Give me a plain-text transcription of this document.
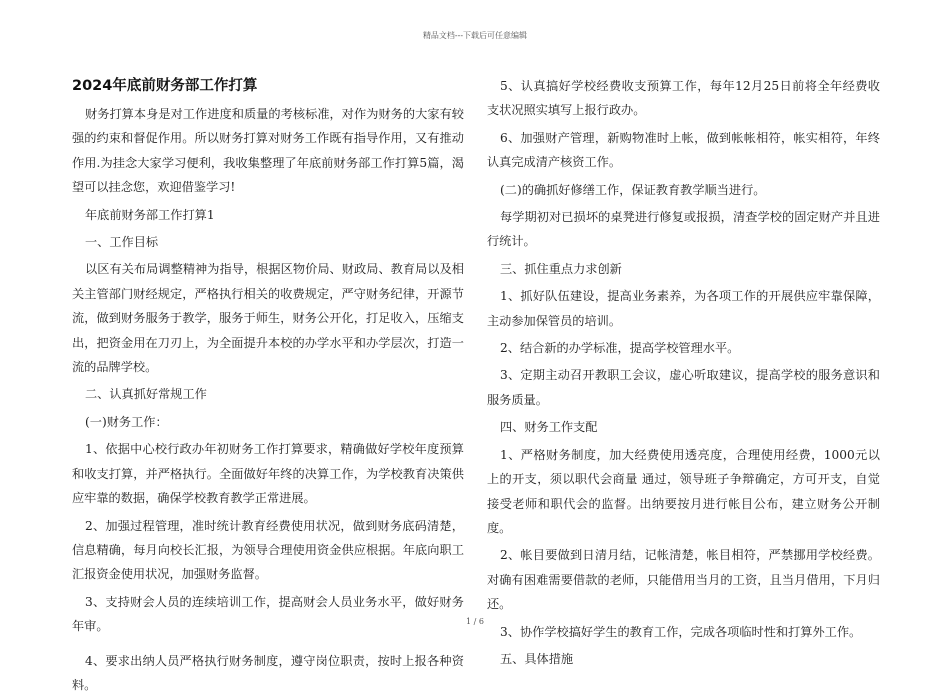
精品文档---下载后可任意编辑
2024年底前财务部工作打算

财务打算本身是对工作进度和质量的考核标准，对作为财务的大家有较强的约束和督促作用。所以财务打算对财务工作既有指导作用，又有推动作用.为挂念大家学习便利，我收集整理了年底前财务部工作打算5篇，渴望可以挂念您，欢迎借鉴学习!

年底前财务部工作打算1

一、工作目标

以区有关布局调整精神为指导，根据区物价局、财政局、教育局以及相关主管部门财经规定，严格执行相关的收费规定，严守财务纪律，开源节流，做到财务服务于教学，服务于师生，财务公开化，打足收入，压缩支出，把资金用在刀刃上，为全面提升本校的办学水平和办学层次，打造一流的品牌学校。

二、认真抓好常规工作

(一)财务工作：

1、依据中心校行政办年初财务工作打算要求，精确做好学校年度预算和收支打算，并严格执行。全面做好年终的决算工作，为学校教育决策供应牢靠的数据，确保学校教育教学正常进展。

2、加强过程管理，准时统计教育经费使用状况，做到财务底码清楚，信息精确，每月向校长汇报，为领导合理使用资金供应根据。年底向职工汇报资金使用状况，加强财务监督。

3、支持财会人员的连续培训工作，提高财会人员业务水平，做好财务年审。

4、要求出纳人员严格执行财务制度，遵守岗位职责，按时上报各种资料。

5、认真搞好学校经费收支预算工作，每年12月25日前将全年经费收支状况照实填写上报行政办。

6、加强财产管理，新购物准时上帐，做到帐帐相符，帐实相符，年终认真完成清产核资工作。

(二)的确抓好修缮工作，保证教育教学顺当进行。

每学期初对已损坏的桌凳进行修复或报损，清查学校的固定财产并且进行统计。

三、抓住重点力求创新

1、抓好队伍建设，提高业务素养，为各项工作的开展供应牢靠保障，主动参加保管员的培训。

2、结合新的办学标准，提高学校管理水平。

3、定期主动召开教职工会议，虚心听取建议，提高学校的服务意识和服务质量。

四、财务工作支配

1、严格财务制度，加大经费使用透亮度，合理使用经费，1000元以上的开支，须以职代会商量 通过，领导班子争辩确定，方可开支，自觉接受老师和职代会的监督。出纳要按月进行帐目公布，建立财务公开制度。

2、帐目要做到日清月结，记帐清楚，帐目相符，严禁挪用学校经费。对确有困难需要借款的老师，只能借用当月的工资，且当月借用，下月归还。

3、协作学校搞好学生的教育工作，完成各项临时性和打算外工作。

五、具体措施

1 / 6
